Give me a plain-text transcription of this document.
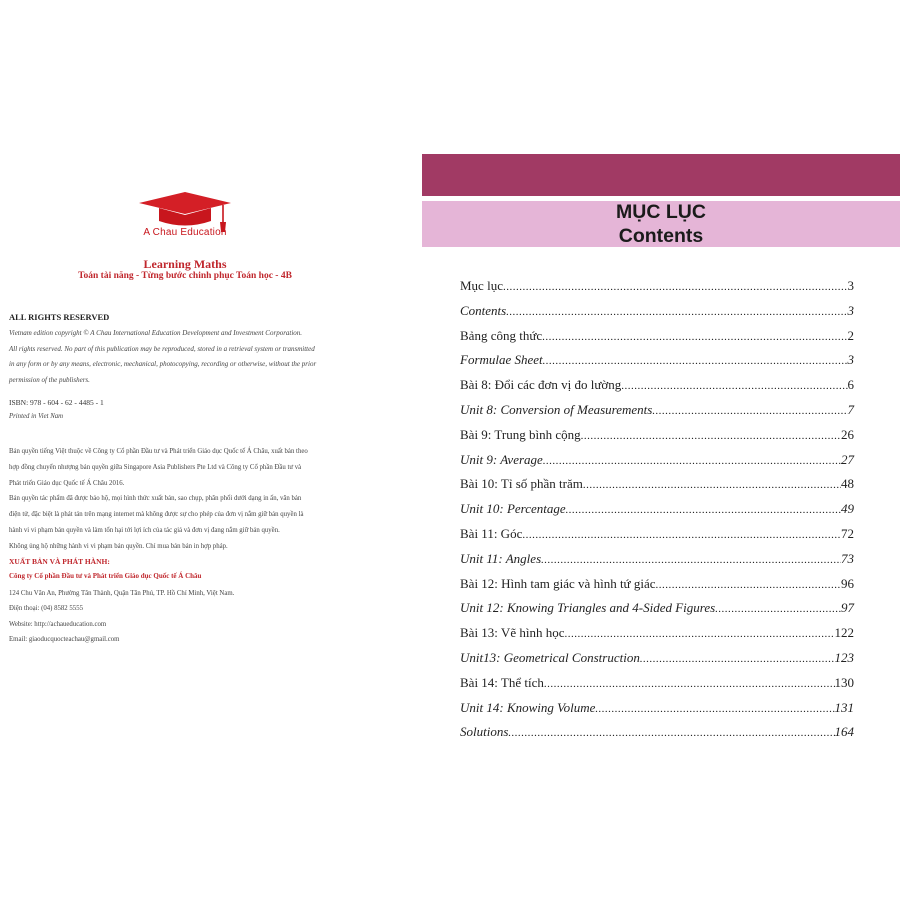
A Chau Education
Learning Maths
Toán tài năng - Từng bước chinh phục Toán học - 4B
ALL RIGHTS RESERVED
Vietnam edition copyright © A Chau International Education Development and Investment Corporation.
All rights reserved. No part of this publication may be reproduced, stored in a retrieval system or transmitted
in any form or by any means, electronic, mechanical, photocopying, recording or otherwise, without the prior
permission of the publishers.
ISBN: 978 - 604 - 62 - 4485 - 1
Printed in Viet Nam
Bản quyền tiếng Việt thuộc về Công ty Cổ phần Đầu tư và Phát triển Giáo dục Quốc tế Á Châu, xuất bản theo
hợp đồng chuyển nhượng bản quyền giữa Singapore Asia Publishers Pte Ltd và Công ty Cổ phần Đầu tư và
Phát triển Giáo dục Quốc tế Á Châu 2016.
Bản quyền tác phẩm đã được bảo hộ, mọi hình thức xuất bản, sao chụp, phân phối dưới dạng in ấn, văn bản
điện tử, đặc biệt là phát tán trên mạng internet mà không được sự cho phép của đơn vị nắm giữ bản quyền là
hành vi vi phạm bản quyền và làm tổn hại tới lợi ích của tác giả và đơn vị đang nắm giữ bản quyền.
Không ủng hộ những hành vi vi phạm bản quyền. Chỉ mua bản bản in hợp pháp.
XUẤT BẢN VÀ PHÁT HÀNH:
Công ty Cổ phần Đầu tư và Phát triển Giáo dục Quốc tế Á Châu
124 Chu Văn An, Phường Tân Thành, Quận Tân Phú, TP. Hồ Chí Minh, Việt Nam.
Điện thoại: (04) 8582 5555
Website: http://achaueducation.com
Email: giaoducquocteachau@gmail.com
MỤC LỤC
Contents
Mục lục .....	3
Contents .....	3
Bảng công thức .....	2
Formulae Sheet .....	3
Bài 8: Đổi các đơn vị đo lường .....	6
Unit 8: Conversion of Measurements .....	7
Bài 9: Trung bình cộng .....	26
Unit 9: Average .....	27
Bài 10: Tỉ số phần trăm .....	48
Unit 10: Percentage .....	49
Bài 11: Góc .....	72
Unit 11: Angles .....	73
Bài 12: Hình tam giác và hình tứ giác .....	96
Unit 12: Knowing Triangles and 4-Sided Figures .....	97
Bài 13: Vẽ hình học .....	122
Unit13: Geometrical Construction .....	123
Bài 14: Thể tích .....	130
Unit 14: Knowing Volume .....	131
Solutions .....	164
